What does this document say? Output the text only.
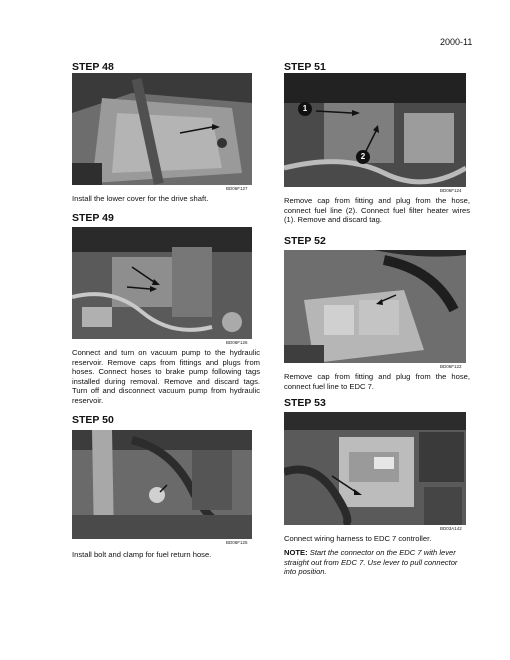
2000-11
STEP 48
BD06F127
Install the lower cover for the drive shaft.
STEP 49
BD06F126
Connect and turn on vacuum pump to the hydraulic reservoir. Remove caps from fittings and plugs from hoses. Connect hoses to brake pump following tags installed during removal. Remove and discard tags. Turn off and disconnect vacuum pump from hydraulic reservoir.
STEP 50
BD06F125
Install bolt and clamp for fuel return hose.
STEP 51
1
2
BD06F124
Remove cap from fitting and plug from the hose, connect fuel line (2). Connect fuel filter heater wires (1). Remove and discard tag.
STEP 52
BD06F122
Remove cap from fitting and plug from the hose, connect fuel line to EDC 7.
STEP 53
BD03A142
Connect wiring harness to EDC 7 controller.
NOTE: Start the connector on the EDC 7 with lever straight out from EDC 7. Use lever to pull connector into position.
